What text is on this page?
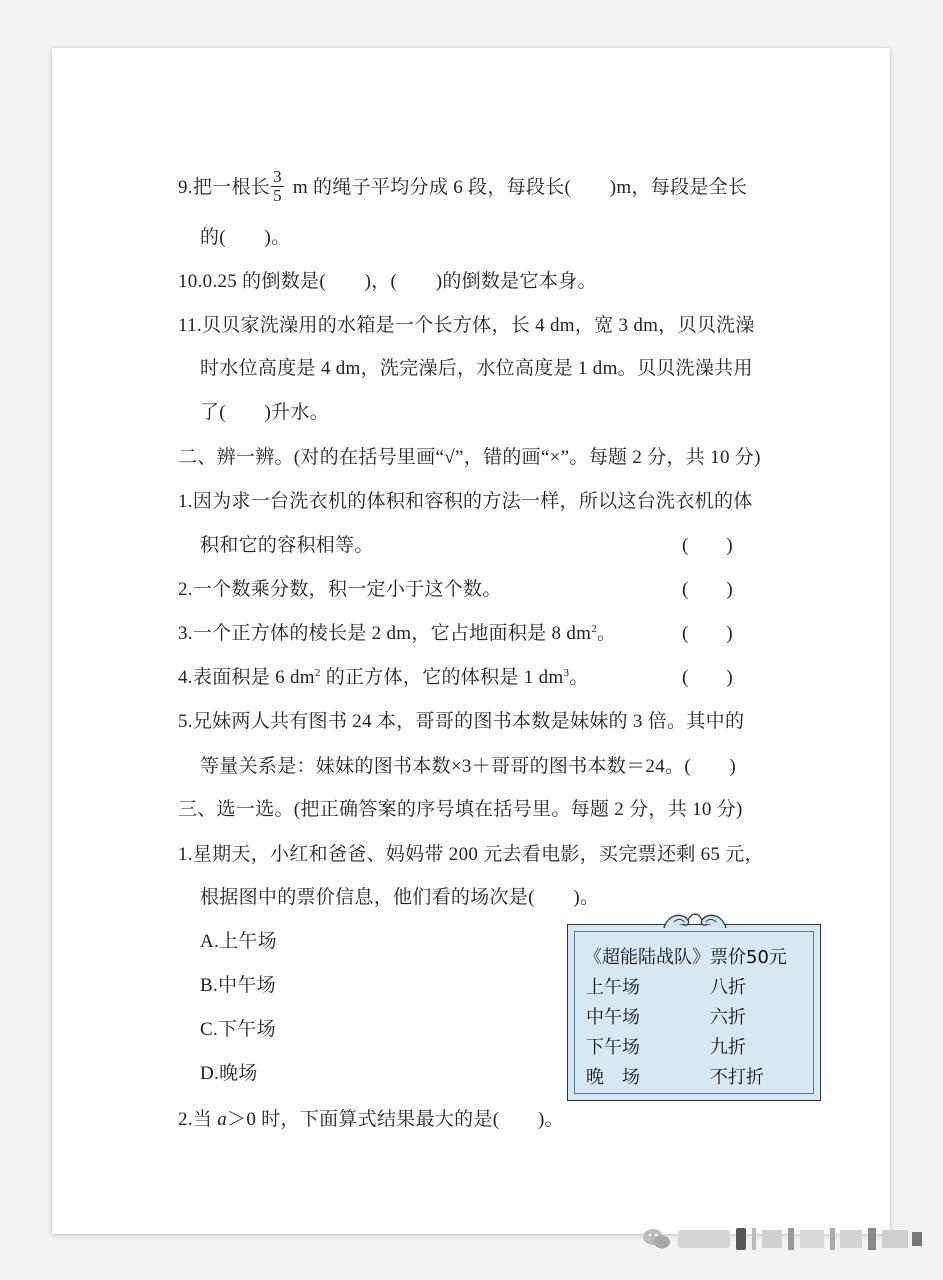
9.把一根长 $\frac{3}{5}$ m 的绳子平均分成 6 段，每段长(　　)m，每段是全长
的(　　)。
10.0.25 的倒数是(　　)，(　　)的倒数是它本身。
11.贝贝家洗澡用的水箱是一个长方体，长 4 dm，宽 3 dm，贝贝洗澡
时水位高度是 4 dm，洗完澡后，水位高度是 1 dm。贝贝洗澡共用
了(　　)升水。
二、辨一辨。(对的在括号里画“√”，错的画“×”。每题 2 分，共 10 分)
1.因为求一台洗衣机的体积和容积的方法一样，所以这台洗衣机的体
积和它的容积相等。	(　　)
2.一个数乘分数，积一定小于这个数。	(　　)
3.一个正方体的棱长是 2 dm，它占地面积是 8 $dm^2$。	(　　)
4.表面积是 6 $dm^2$ 的正方体，它的体积是 1 $dm^3$。	(　　)
5.兄妹两人共有图书 24 本，哥哥的图书本数是妹妹的 3 倍。其中的
等量关系是：妹妹的图书本数×3＋哥哥的图书本数＝24。(　　)
三、选一选。(把正确答案的序号填在括号里。每题 2 分，共 10 分)
1.星期天，小红和爸爸、妈妈带 200 元去看电影，买完票还剩 65 元，
根据图中的票价信息，他们看的场次是(　　)。
A.上午场
B.中午场
C.下午场
D.晚场
《超能陆战队》票价50元
上午场	八折
中午场	六折
下午场	九折
晚　场	不打折
2.当 a＞0 时，下面算式结果最大的是(　　)。
